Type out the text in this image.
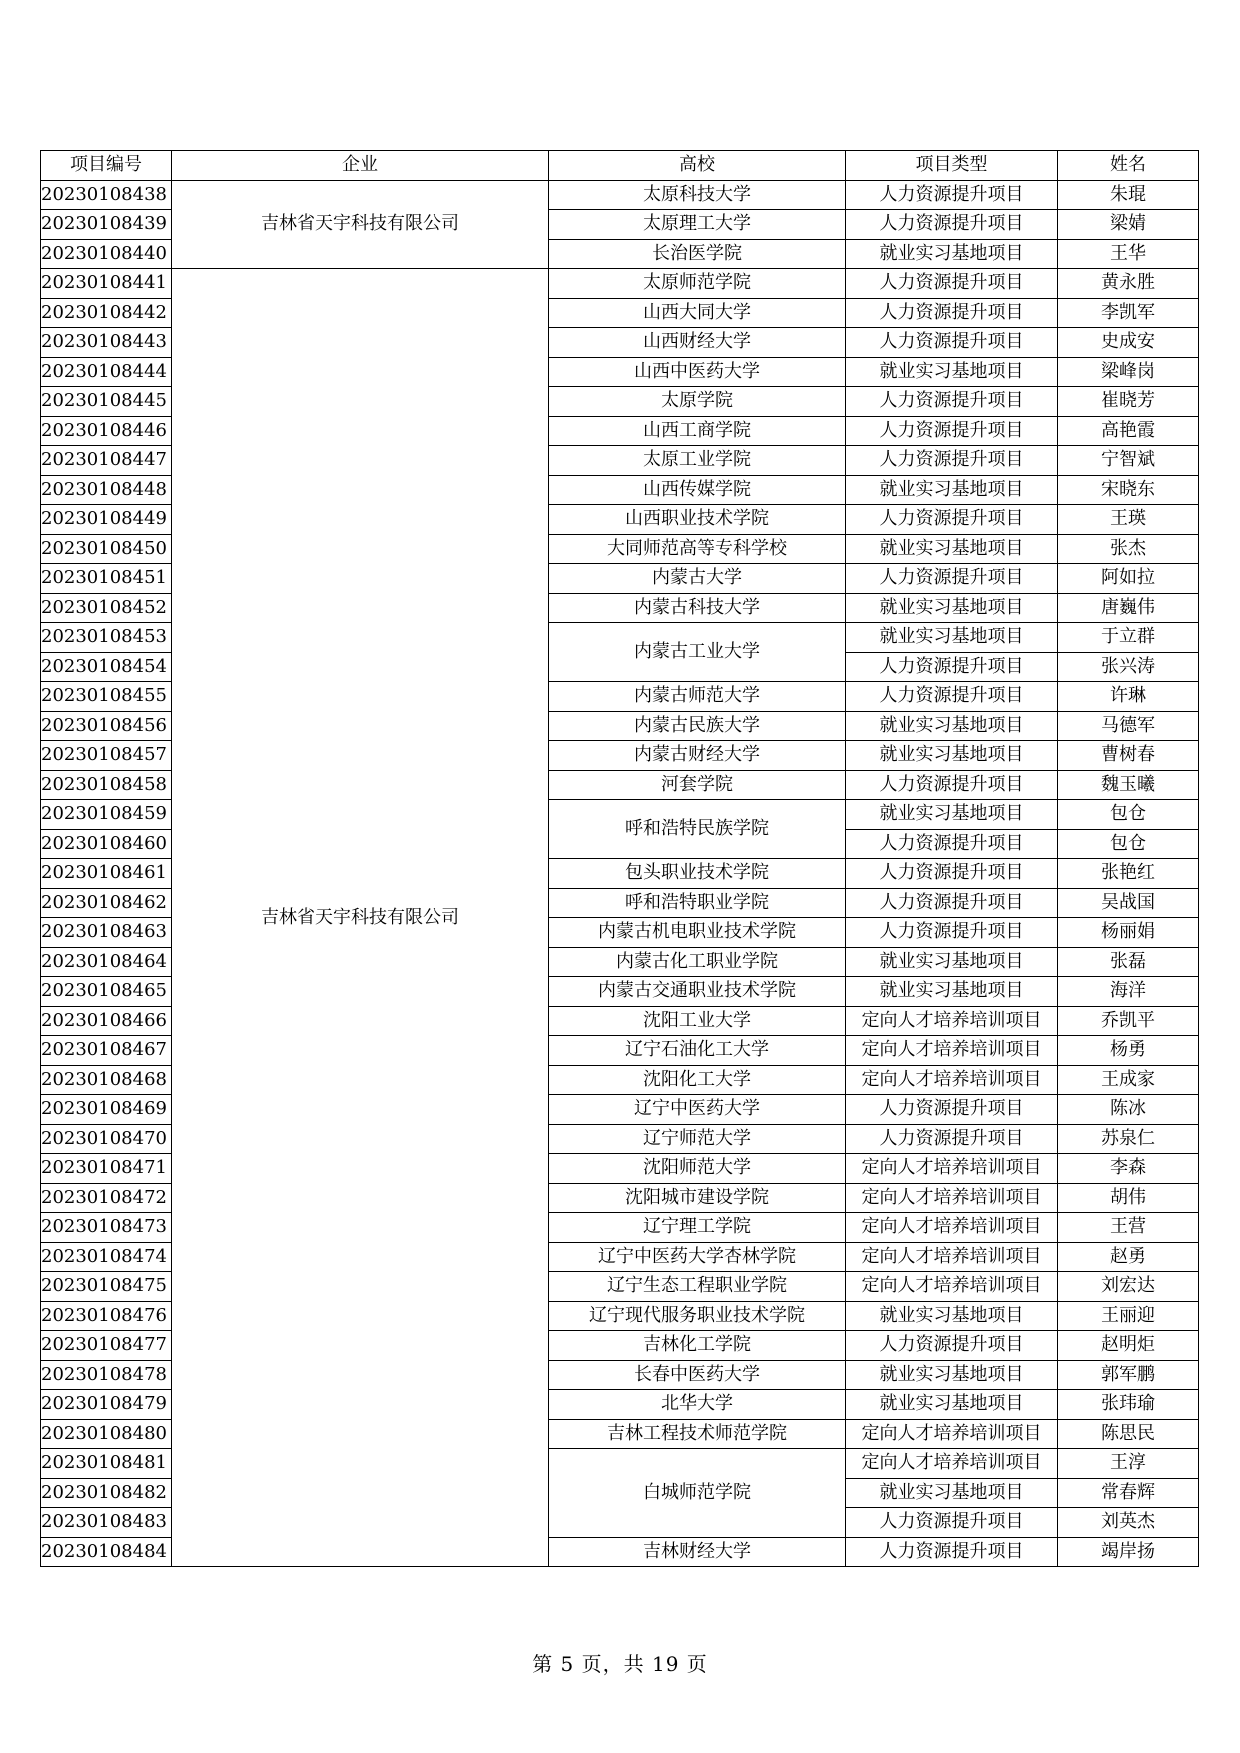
项目编号	企业	高校	项目类型	姓名
20230108438	吉林省天宇科技有限公司	太原科技大学	人力资源提升项目	朱琨
20230108439		太原理工大学	人力资源提升项目	梁婧
20230108440		长治医学院	就业实习基地项目	王华
20230108441	吉林省天宇科技有限公司	太原师范学院	人力资源提升项目	黄永胜
20230108442		山西大同大学	人力资源提升项目	李凯军
20230108443		山西财经大学	人力资源提升项目	史成安
20230108444		山西中医药大学	就业实习基地项目	梁峰岗
20230108445		太原学院	人力资源提升项目	崔晓芳
20230108446		山西工商学院	人力资源提升项目	高艳霞
20230108447		太原工业学院	人力资源提升项目	宁智斌
20230108448		山西传媒学院	就业实习基地项目	宋晓东
20230108449		山西职业技术学院	人力资源提升项目	王瑛
20230108450		大同师范高等专科学校	就业实习基地项目	张杰
20230108451		内蒙古大学	人力资源提升项目	阿如拉
20230108452		内蒙古科技大学	就业实习基地项目	唐巍伟
20230108453		内蒙古工业大学	就业实习基地项目	于立群
20230108454			人力资源提升项目	张兴涛
20230108455		内蒙古师范大学	人力资源提升项目	许琳
20230108456		内蒙古民族大学	就业实习基地项目	马德军
20230108457		内蒙古财经大学	就业实习基地项目	曹树春
20230108458		河套学院	人力资源提升项目	魏玉曦
20230108459		呼和浩特民族学院	就业实习基地项目	包仓
20230108460			人力资源提升项目	包仓
20230108461		包头职业技术学院	人力资源提升项目	张艳红
20230108462		呼和浩特职业学院	人力资源提升项目	吴战国
20230108463		内蒙古机电职业技术学院	人力资源提升项目	杨丽娟
20230108464		内蒙古化工职业学院	就业实习基地项目	张磊
20230108465		内蒙古交通职业技术学院	就业实习基地项目	海洋
20230108466		沈阳工业大学	定向人才培养培训项目	乔凯平
20230108467		辽宁石油化工大学	定向人才培养培训项目	杨勇
20230108468		沈阳化工大学	定向人才培养培训项目	王成家
20230108469		辽宁中医药大学	人力资源提升项目	陈冰
20230108470		辽宁师范大学	人力资源提升项目	苏泉仁
20230108471		沈阳师范大学	定向人才培养培训项目	李森
20230108472		沈阳城市建设学院	定向人才培养培训项目	胡伟
20230108473		辽宁理工学院	定向人才培养培训项目	王营
20230108474		辽宁中医药大学杏林学院	定向人才培养培训项目	赵勇
20230108475		辽宁生态工程职业学院	定向人才培养培训项目	刘宏达
20230108476		辽宁现代服务职业技术学院	就业实习基地项目	王丽迎
20230108477		吉林化工学院	人力资源提升项目	赵明炬
20230108478		长春中医药大学	就业实习基地项目	郭军鹏
20230108479		北华大学	就业实习基地项目	张玮瑜
20230108480		吉林工程技术师范学院	定向人才培养培训项目	陈思民
20230108481		白城师范学院	定向人才培养培训项目	王淳
20230108482			就业实习基地项目	常春辉
20230108483			人力资源提升项目	刘英杰
20230108484		吉林财经大学	人力资源提升项目	竭岸扬
第 5 页，共 19 页
